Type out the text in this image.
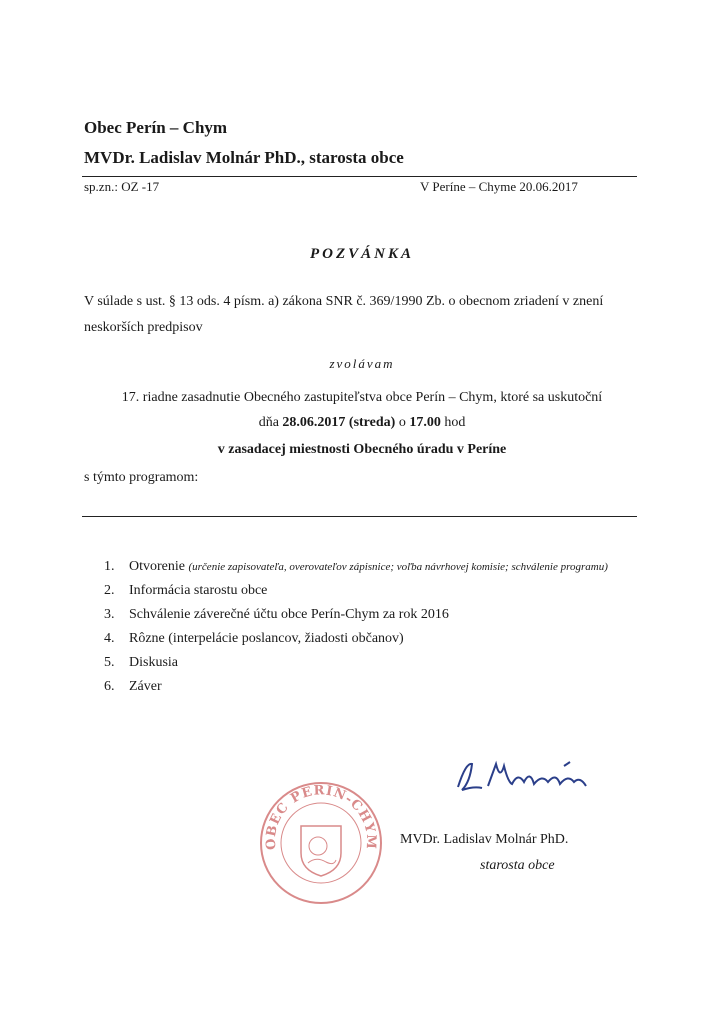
Obec Perín – Chym
MVDr. Ladislav Molnár PhD., starosta obce
sp.zn.: OZ -17	V Períne – Chyme 20.06.2017
POZVÁNKA
V súlade s ust. § 13 ods. 4 písm. a) zákona SNR č. 369/1990 Zb. o obecnom zriadení v znení neskorších predpisov
zvolávam
17. riadne zasadnutie Obecného zastupiteľstva obce Perín – Chym, ktoré sa uskutoční
dňa 28.06.2017 (streda) o 17.00 hod
v zasadacej miestnosti Obecného úradu v Períne
s týmto programom:
1. Otvorenie (určenie zapisovateľa, overovateľov zápisnice; voľba návrhovej komisie; schválenie programu)
2. Informácia starostu obce
3. Schválenie záverečné účtu obce Perín-Chym za rok 2016
4. Rôzne (interpelácie poslancov, žiadosti občanov)
5. Diskusia
6. Záver
OBEC PERÍN-CHYM MVDr. Ladislav Molnár PhD.
starosta obce
